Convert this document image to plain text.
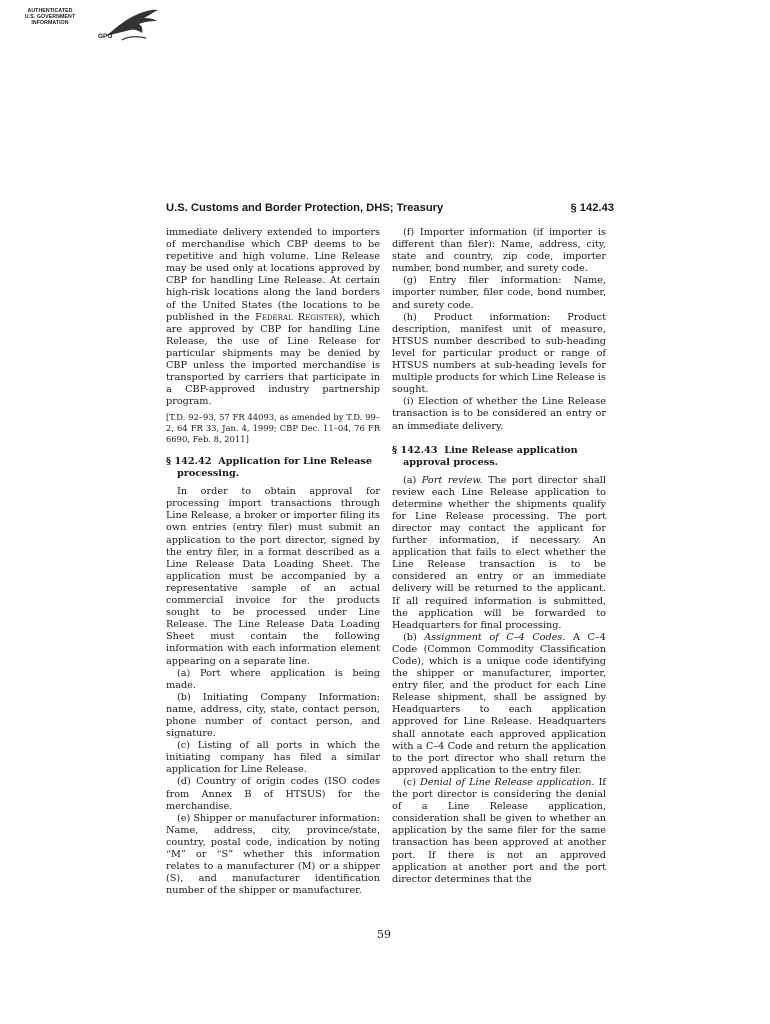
AUTHENTICATED
U.S. GOVERNMENT
INFORMATION
GPO
U.S. Customs and Border Protection, DHS; Treasury	§ 142.43

immediate delivery extended to importers of merchandise which CBP deems to be repetitive and high volume. Line Release may be used only at locations approved by CBP for handling Line Release. At certain high-risk locations along the land borders of the United States (the locations to be published in the Federal Register), which are approved by CBP for handling Line Release, the use of Line Release for particular shipments may be denied by CBP unless the imported merchandise is transported by carriers that participate in a CBP-approved industry partnership program.

[T.D. 92–93, 57 FR 44093, as amended by T.D. 99–2, 64 FR 33, Jan. 4, 1999; CBP Dec. 11–04, 76 FR 6690, Feb. 8, 2011]

§ 142.42 Application for Line Release processing.

In order to obtain approval for processing import transactions through Line Release, a broker or importer filing its own entries (entry filer) must submit an application to the port director, signed by the entry filer, in a format described as a Line Release Data Loading Sheet. The application must be accompanied by a representative sample of an actual commercial invoice for the products sought to be processed under Line Release. The Line Release Data Loading Sheet must contain the following information with each information element appearing on a separate line.

(a) Port where application is being made.

(b) Initiating Company Information: name, address, city, state, contact person, phone number of contact person, and signature.

(c) Listing of all ports in which the initiating company has filed a similar application for Line Release.

(d) Country of origin codes (ISO codes from Annex B of HTSUS) for the merchandise.

(e) Shipper or manufacturer information: Name, address, city, province/state, country, postal code, indication by noting “M” or “S” whether this information relates to a manufacturer (M) or a shipper (S), and manufacturer identification number of the shipper or manufacturer.

(f) Importer information (if importer is different than filer): Name, address, city, state and country, zip code, importer number, bond number, and surety code.

(g) Entry filer information: Name, importer number, filer code, bond number, and surety code.

(h) Product information: Product description, manifest unit of measure, HTSUS number described to sub-heading level for particular product or range of HTSUS numbers at sub-heading levels for multiple products for which Line Release is sought.

(i) Election of whether the Line Release transaction is to be considered an entry or an immediate delivery.

§ 142.43 Line Release application approval process.

(a) Port review. The port director shall review each Line Release application to determine whether the shipments qualify for Line Release processing. The port director may contact the applicant for further information, if necessary. An application that fails to elect whether the Line Release transaction is to be considered an entry or an immediate delivery will be returned to the applicant. If all required information is submitted, the application will be forwarded to Headquarters for final processing.

(b) Assignment of C–4 Codes. A C–4 Code (Common Commodity Classification Code), which is a unique code identifying the shipper or manufacturer, importer, entry filer, and the product for each Line Release shipment, shall be assigned by Headquarters to each application approved for Line Release. Headquarters shall annotate each approved application with a C–4 Code and return the application to the port director who shall return the approved application to the entry filer.

(c) Denial of Line Release application. If the port director is considering the denial of a Line Release application, consideration shall be given to whether an application by the same filer for the same transaction has been approved at another port. If there is not an approved application at another port and the port director determines that the

59
